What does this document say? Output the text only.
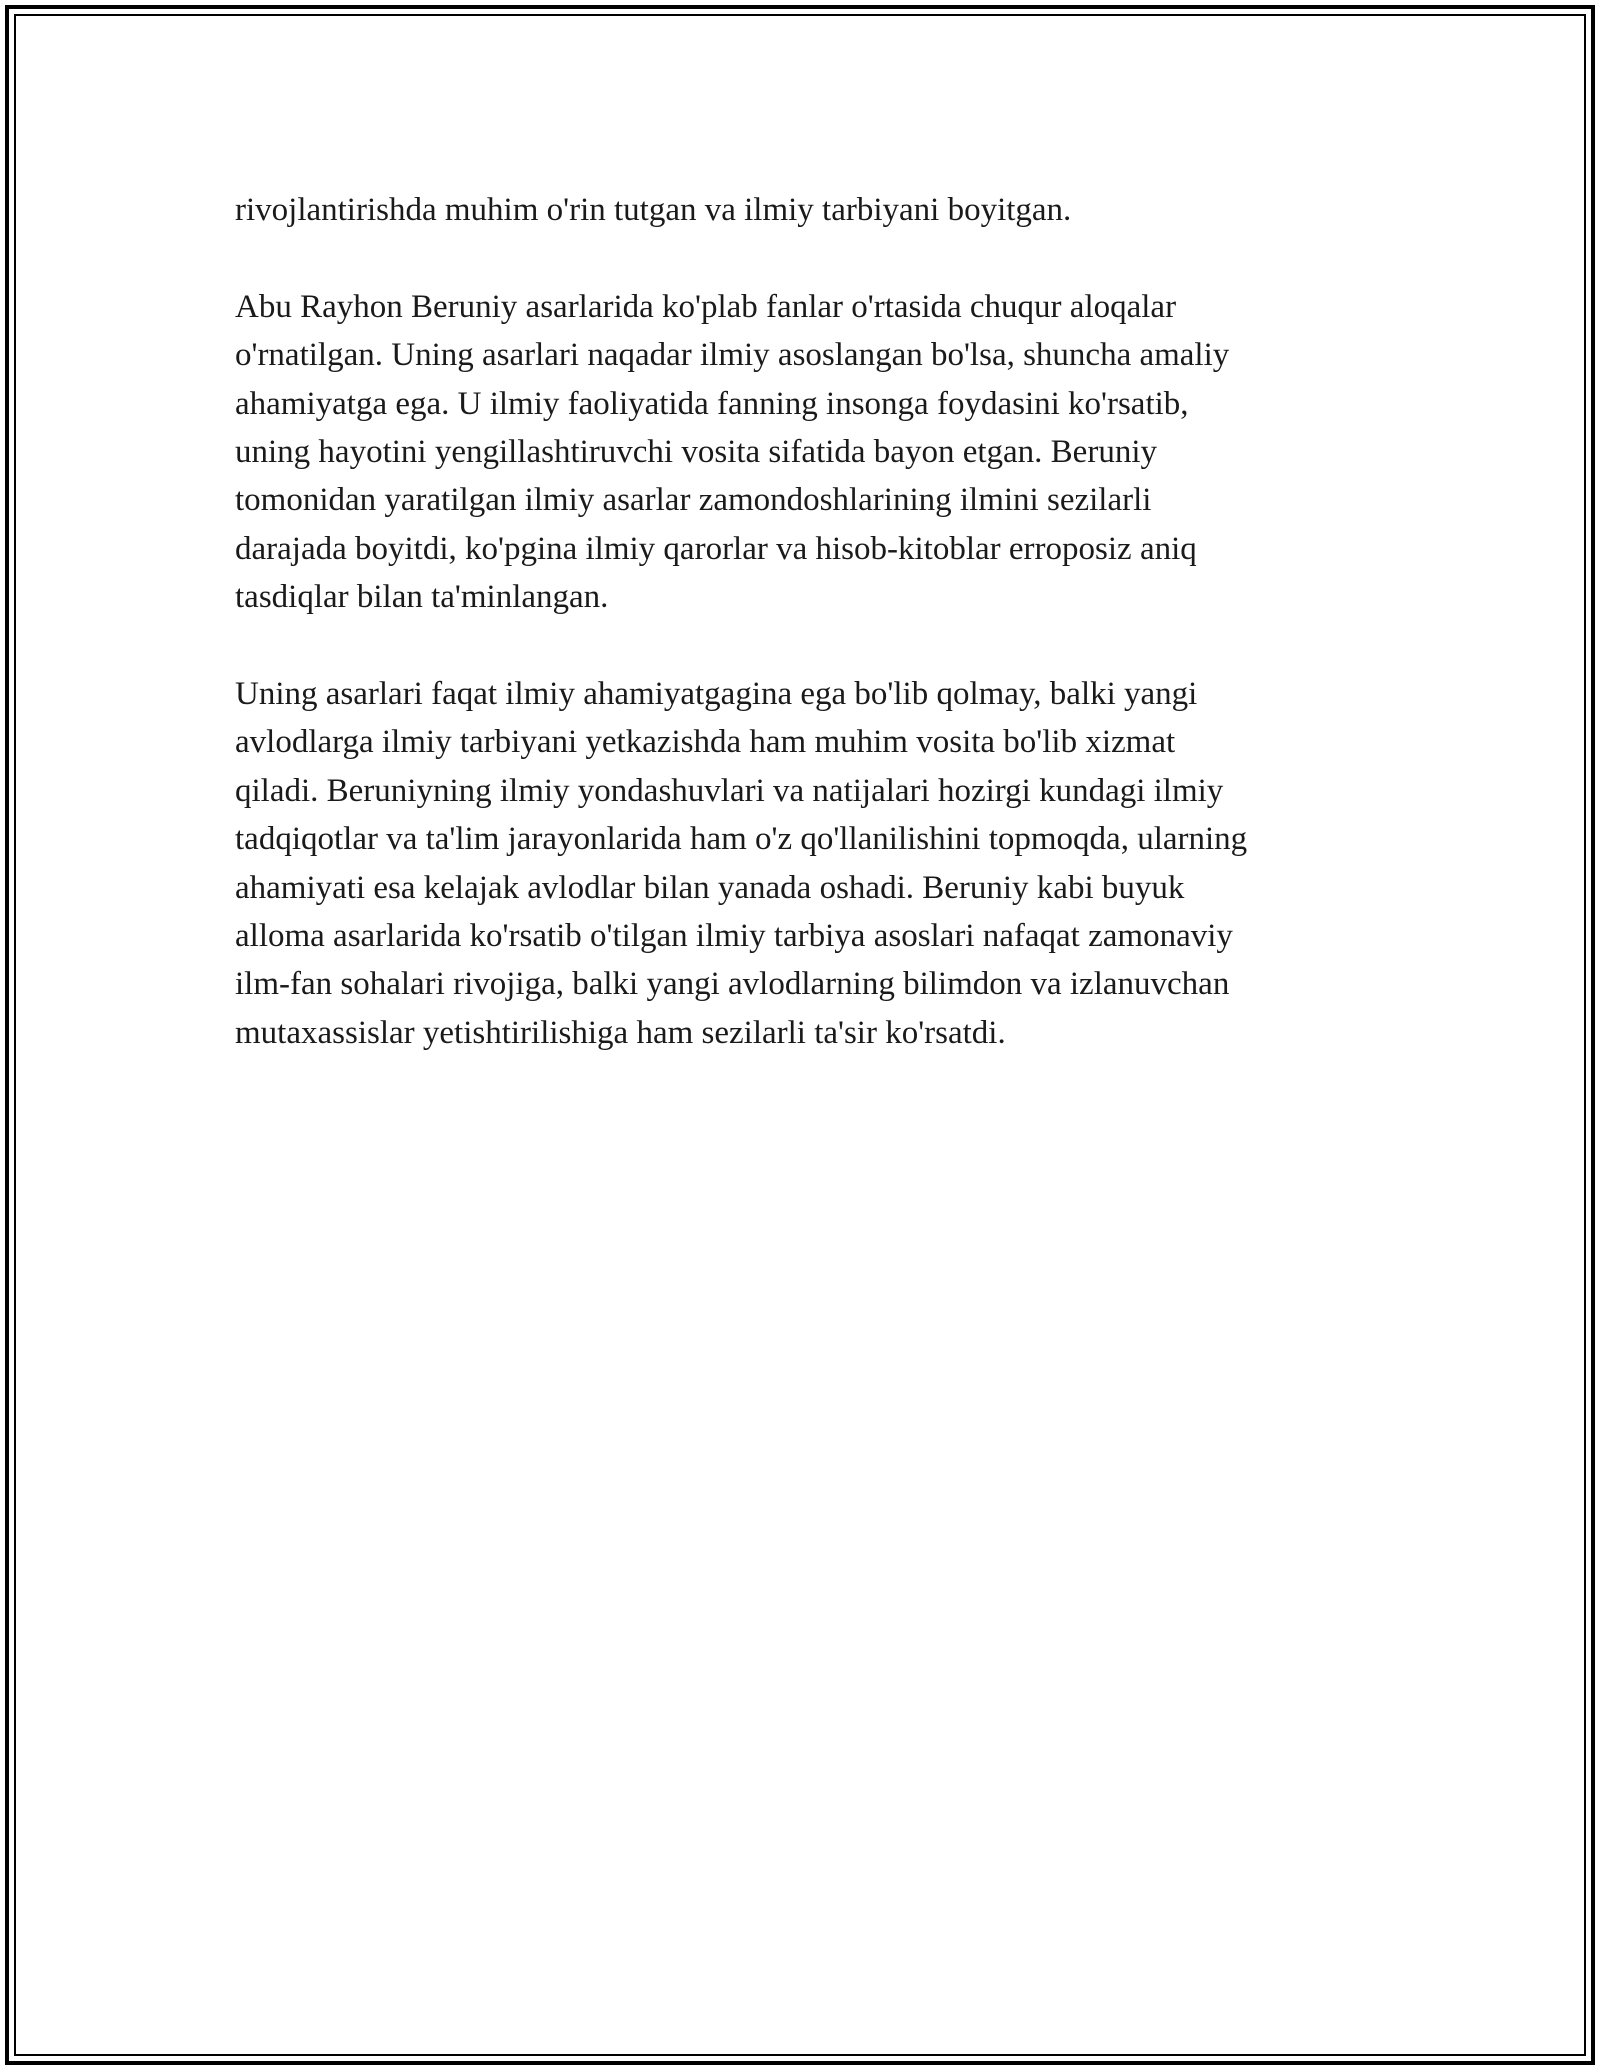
rivojlantirishda muhim o'rin tutgan va ilmiy tarbiyani boyitgan.

Abu Rayhon Beruniy asarlarida ko'plab fanlar o'rtasida chuqur aloqalar
o'rnatilgan. Uning asarlari naqadar ilmiy asoslangan bo'lsa, shuncha amaliy
ahamiyatga ega. U ilmiy faoliyatida fanning insonga foydasini ko'rsatib,
uning hayotini yengillashtiruvchi vosita sifatida bayon etgan. Beruniy
tomonidan yaratilgan ilmiy asarlar zamondoshlarining ilmini sezilarli
darajada boyitdi, ko'pgina ilmiy qarorlar va hisob-kitoblar erroposiz aniq
tasdiqlar bilan ta'minlangan.

Uning asarlari faqat ilmiy ahamiyatgagina ega bo'lib qolmay, balki yangi
avlodlarga ilmiy tarbiyani yetkazishda ham muhim vosita bo'lib xizmat
qiladi. Beruniyning ilmiy yondashuvlari va natijalari hozirgi kundagi ilmiy
tadqiqotlar va ta'lim jarayonlarida ham o'z qo'llanilishini topmoqda, ularning
ahamiyati esa kelajak avlodlar bilan yanada oshadi. Beruniy kabi buyuk
alloma asarlarida ko'rsatib o'tilgan ilmiy tarbiya asoslari nafaqat zamonaviy
ilm-fan sohalari rivojiga, balki yangi avlodlarning bilimdon va izlanuvchan
mutaxassislar yetishtirilishiga ham sezilarli ta'sir ko'rsatdi.
